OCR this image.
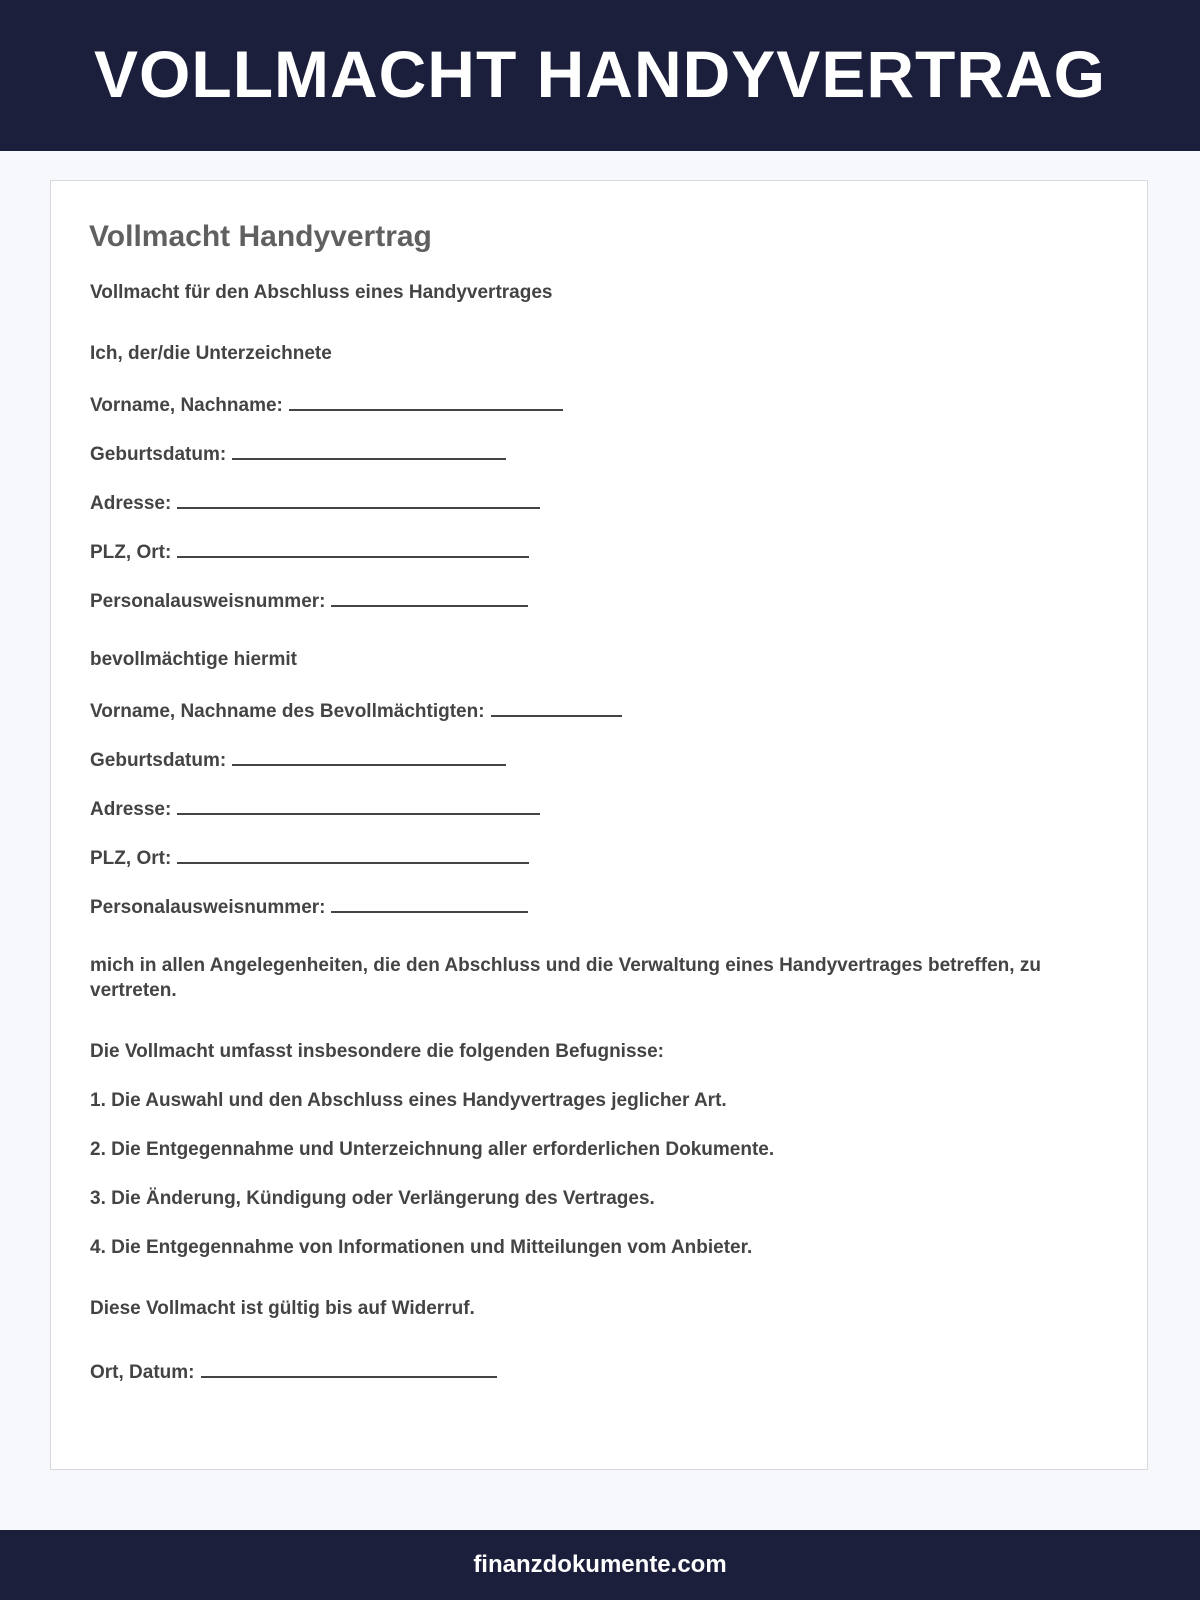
VOLLMACHT HANDYVERTRAG
Vollmacht Handyvertrag

Vollmacht für den Abschluss eines Handyvertrages

Ich, der/die Unterzeichnete

Vorname, Nachname:

Geburtsdatum:

Adresse:

PLZ, Ort:

Personalausweisnummer:

bevollmächtige hiermit

Vorname, Nachname des Bevollmächtigten:

Geburtsdatum:

Adresse:

PLZ, Ort:

Personalausweisnummer:

mich in allen Angelegenheiten, die den Abschluss und die Verwaltung eines Handyvertrages betreffen, zu vertreten.

Die Vollmacht umfasst insbesondere die folgenden Befugnisse:

1. Die Auswahl und den Abschluss eines Handyvertrages jeglicher Art.

2. Die Entgegennahme und Unterzeichnung aller erforderlichen Dokumente.

3. Die Änderung, Kündigung oder Verlängerung des Vertrages.

4. Die Entgegennahme von Informationen und Mitteilungen vom Anbieter.

Diese Vollmacht ist gültig bis auf Widerruf.

Ort, Datum:

finanzdokumente.com
